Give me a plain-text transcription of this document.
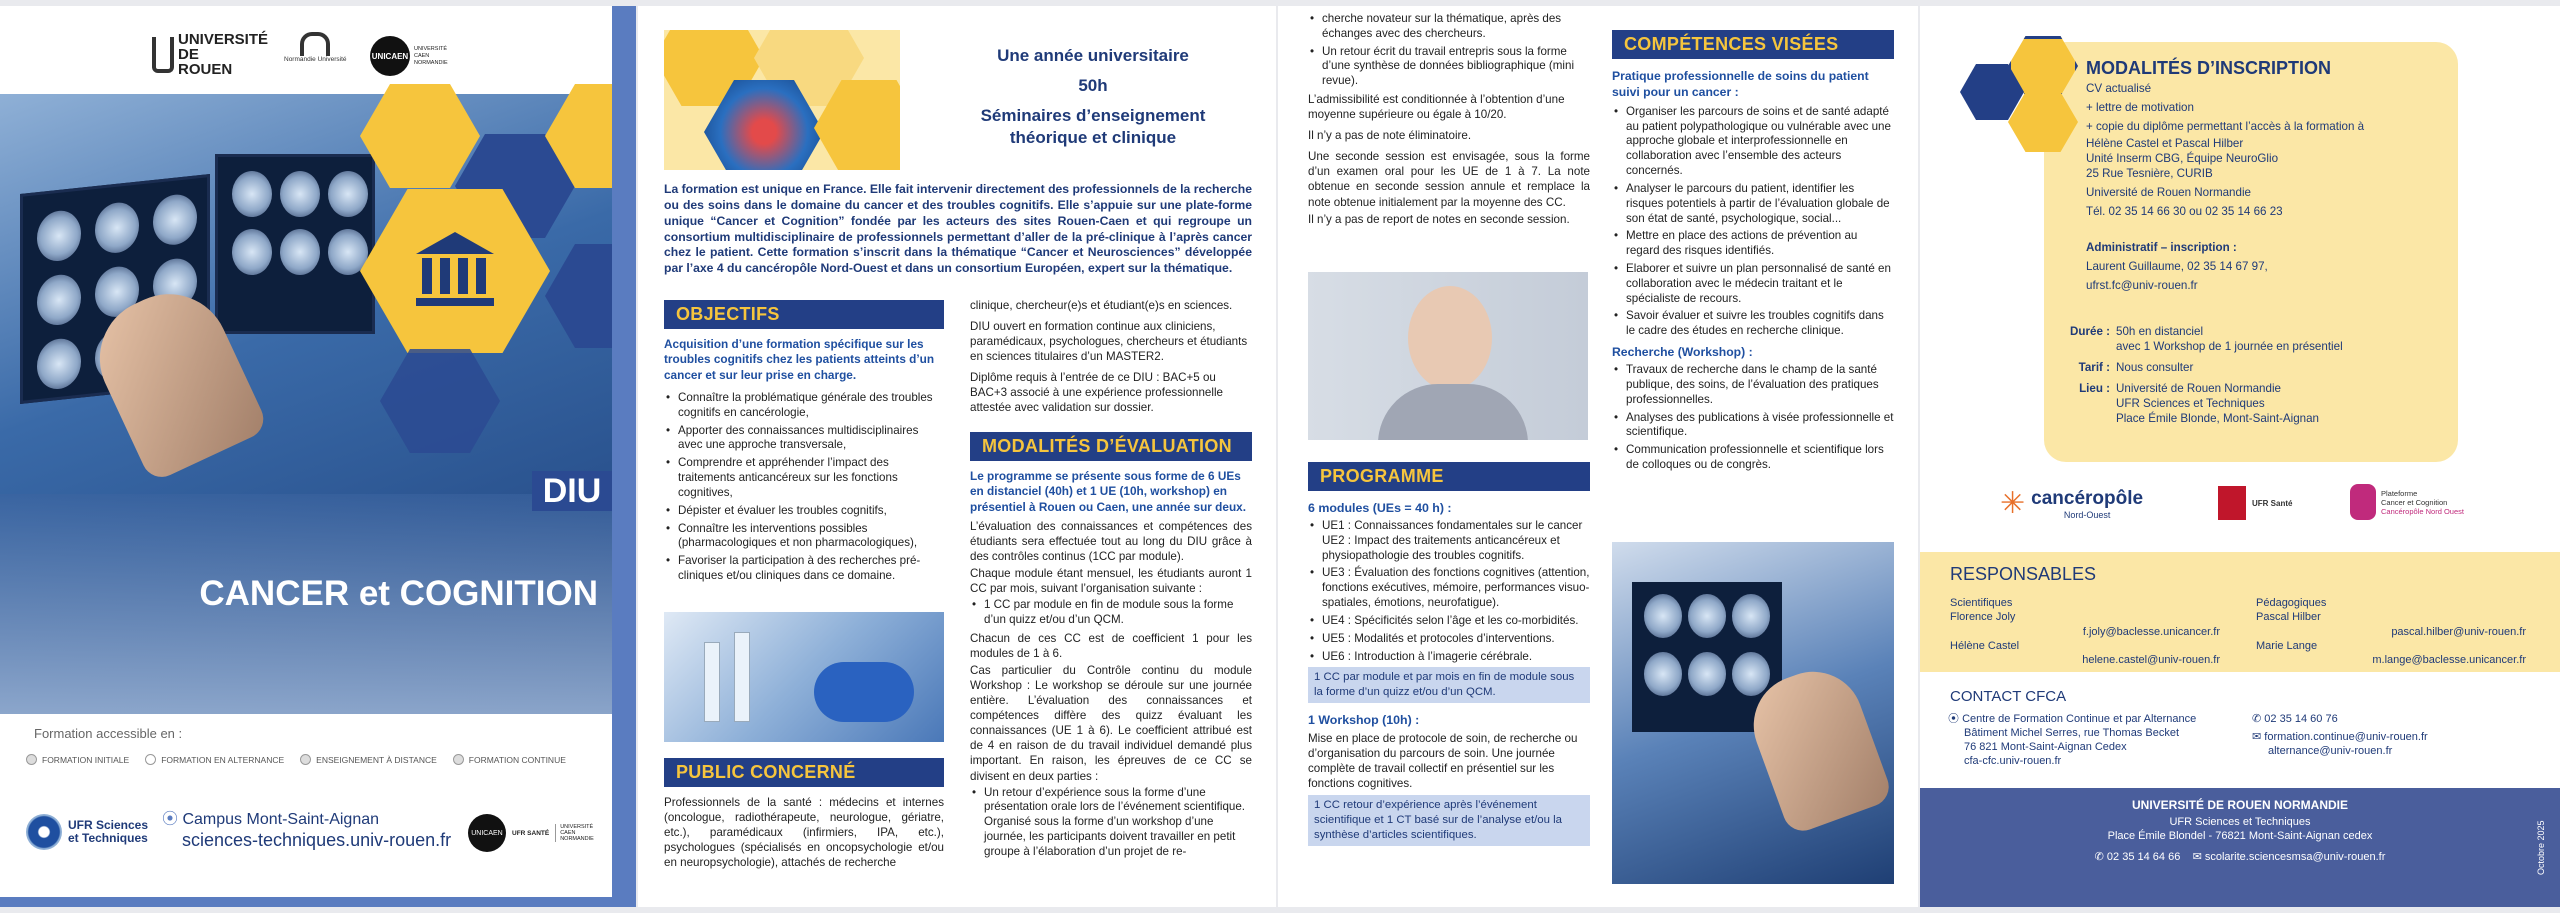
UNIVERSITÉ DE ROUEN
Normandie Université	UNICAEN
UNIVERSITÉ CAEN NORMANDIE
DIU
CANCER et COGNITION
Formation accessible en :
FORMATION INITIALE	FORMATION EN ALTERNANCE	ENSEIGNEMENT À DISTANCE	FORMATION CONTINUE
UFR Sciences
et Techniques
⦿ Campus Mont-Saint-Aignan
sciences-techniques.univ-rouen.fr	UNICAEN	UFR SANTÉ
UNIVERSITÉ CAEN NORMANDIE
Une année universitaire
50h
Séminaires d’enseignement
théorique et clinique
La formation est unique en France. Elle fait intervenir directement des professionnels de la recherche ou des soins dans le domaine du cancer et des troubles cognitifs. Elle s’appuie sur une plate-forme unique “Cancer et Cognition” fondée par les acteurs des sites Rouen-Caen et qui regroupe un consortium multidisciplinaire de professionnels permettant d’aller de la pré-clinique à l’après cancer chez le patient. Cette formation s’inscrit dans la thématique “Cancer et Neurosciences” développée par l’axe 4 du cancéropôle Nord-Ouest et dans un consortium Européen, expert sur la thématique.
OBJECTIFS
Acquisition d’une formation spécifique sur les troubles cognitifs chez les patients atteints d’un cancer et sur leur prise en charge.
• Connaître la problématique générale des troubles cognitifs en cancérologie,
• Apporter des connaissances multidisciplinaires avec une approche transversale,
• Comprendre et appréhender l’impact des traitements anticancéreux sur les fonctions cognitives,
• Dépister et évaluer les troubles cognitifs,
• Connaître les interventions possibles (pharmacologiques et non pharmacologiques),
• Favoriser la participation à des recherches pré-cliniques et/ou cliniques dans ce domaine.
PUBLIC CONCERNÉ
Professionnels de la santé : médecins et internes (oncologue, radiothérapeute, neurologue, gériatre, etc.), paramédicaux (infirmiers, IPA, etc.), psychologues (spécialisés en oncopsychologie et/ou en neuropsychologie), attachés de recherche
clinique, chercheur(e)s et étudiant(e)s en sciences.
DIU ouvert en formation continue aux cliniciens, paramédicaux, psychologues, chercheurs et étudiants en sciences titulaires d’un MASTER2.
Diplôme requis à l’entrée de ce DIU : BAC+5 ou BAC+3 associé à une expérience professionnelle attestée avec validation sur dossier.
MODALITÉS D’ÉVALUATION
Le programme se présente sous forme de 6 UEs en distanciel (40h) et 1 UE (10h, workshop) en présentiel à Rouen ou Caen, une année sur deux.
L’évaluation des connaissances et compétences des étudiants sera effectuée tout au long du DIU grâce à des contrôles continus (1CC par module).
Chaque module étant mensuel, les étudiants auront 1 CC par mois, suivant l’organisation suivante :
• 1 CC par module en fin de module sous la forme d’un quizz et/ou d’un QCM.
Chacun de ces CC est de coefficient 1 pour les modules de 1 à 6.
Cas particulier du Contrôle continu du module Workshop : Le workshop se déroule sur une journée entière. L’évaluation des connaissances et compétences diffère des quizz évaluant les connaissances (UE 1 à 6). Le coefficient attribué est de 4 en raison de du travail individuel demandé plus important. En raison, les épreuves de ce CC se divisent en deux parties :
• Un retour d’expérience sous la forme d’une présentation orale lors de l’événement scientifique. Organisé sous la forme d’un workshop d’une journée, les participants doivent travailler en petit groupe à l’élaboration d’un projet de re-
• cherche novateur sur la thématique, après des échanges avec des chercheurs.
• Un retour écrit du travail entrepris sous la forme d’une synthèse de données bibliographique (mini revue).
L’admissibilité est conditionnée à l’obtention d’une moyenne supérieure ou égale à 10/20.
Il n’y a pas de note éliminatoire.
Une seconde session est envisagée, sous la forme d’un examen oral pour les UE de 1 à 7. La note obtenue en seconde session annule et remplace la note obtenue initialement par la moyenne des CC.
Il n’y a pas de report de notes en seconde session.
PROGRAMME
6 modules (UEs = 40 h) :
• UE1 : Connaissances fondamentales sur le cancer UE2 : Impact des traitements anticancéreux et physiopathologie des troubles cognitifs.
• UE3 : Évaluation des fonctions cognitives (attention, fonctions exécutives, mémoire, performances visuo-spatiales, émotions, neurofatigue).
• UE4 : Spécificités selon l’âge et les co-morbidités.
• UE5 : Modalités et protocoles d’interventions.
• UE6 : Introduction à l’imagerie cérébrale.
1 CC par module et par mois en fin de module sous la forme d’un quizz et/ou d’un QCM.
1 Workshop (10h) :
Mise en place de protocole de soin, de recherche ou d’organisation du parcours de soin. Une journée complète de travail collectif en présentiel sur les fonctions cognitives.
1 CC retour d’expérience après l’événement scientifique et 1 CT basé sur de l’analyse et/ou la synthèse d’articles scientifiques.
COMPÉTENCES VISÉES
Pratique professionnelle de soins du patient suivi pour un cancer :
• Organiser les parcours de soins et de santé adapté au patient polypathologique ou vulnérable avec une approche globale et interprofessionnelle en collaboration avec l’ensemble des acteurs concernés.
• Analyser le parcours du patient, identifier les risques potentiels à partir de l’évaluation globale de son état de santé, psychologique, social...
• Mettre en place des actions de prévention au regard des risques identifiés.
• Elaborer et suivre un plan personnalisé de santé en collaboration avec le médecin traitant et le spécialiste de recours.
• Savoir évaluer et suivre les troubles cognitifs dans le cadre des études en recherche clinique.
Recherche (Workshop) :
• Travaux de recherche dans le champ de la santé publique, des soins, de l’évaluation des pratiques professionnelles.
• Analyses des publications à visée professionnelle et scientifique.
• Communication professionnelle et scientifique lors de colloques ou de congrès.
MODALITÉS D’INSCRIPTION
CV actualisé
+ lettre de motivation
+ copie du diplôme permettant l’accès à la formation à
Hélène Castel et Pascal Hilber
Unité Inserm CBG, Équipe NeuroGlio
25 Rue Tesnière, CURIB
Université de Rouen Normandie
Tél. 02 35 14 66 30 ou 02 35 14 66 23
Administratif – inscription :
Laurent Guillaume, 02 35 14 67 97,
ufrst.fc@univ-rouen.fr
Durée : 50h en distanciel
avec 1 Workshop de 1 journée en présentiel
Tarif : Nous consulter
Lieu : Université de Rouen Normandie
UFR Sciences et Techniques
Place Émile Blonde, Mont-Saint-Aignan
✳ cancéropôle
Nord-Ouest
UFR Santé
Plateforme
Cancer et Cognition
Cancéropôle Nord Ouest
RESPONSABLES
Scientifiques
Florence Joly
f.joly@baclesse.unicancer.fr
Hélène Castel
helene.castel@univ-rouen.fr
Pédagogiques
Pascal Hilber
pascal.hilber@univ-rouen.fr
Marie Lange
m.lange@baclesse.unicancer.fr
CONTACT CFCA
⦿ Centre de Formation Continue et par Alternance
Bâtiment Michel Serres, rue Thomas Becket
76 821 Mont-Saint-Aignan Cedex
cfa-cfc.univ-rouen.fr
✆ 02 35 14 60 76
✉ formation.continue@univ-rouen.fr
alternance@univ-rouen.fr
UNIVERSITÉ DE ROUEN NORMANDIE
UFR Sciences et Techniques
Place Émile Blondel - 76821 Mont-Saint-Aignan cedex
✆ 02 35 14 64 66 ✉ scolarite.sciencesmsa@univ-rouen.fr	Octobre 2025
